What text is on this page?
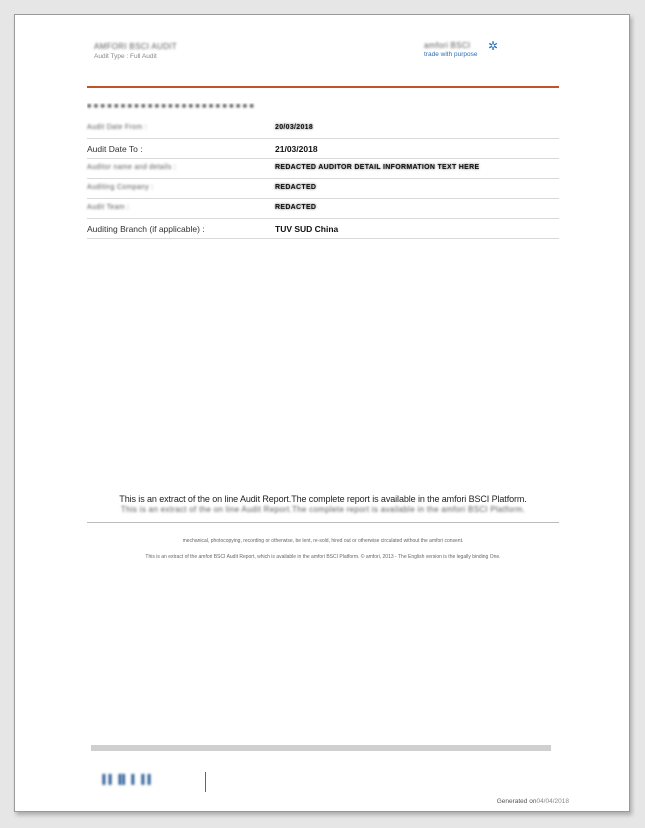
AMFORI BSCI AUDIT
Audit Type : Full Audit
amfori BSCI
trade with purpose
✲
■ ■ ■ ■ ■ ■ ■ ■ ■ ■ ■ ■ ■ ■ ■ ■ ■ ■ ■ ■ ■ ■ ■ ■ ■
Audit Date From :	20/03/2018
Audit Date To :	21/03/2018
Auditor name and details :	REDACTED AUDITOR DETAIL INFORMATION TEXT HERE
Auditing Company :	REDACTED
Audit Team :	REDACTED
Auditing Branch (if applicable) :	TUV SUD China
This is an extract of the on line Audit Report.The complete report is available in the amfori BSCI Platform.
This is an extract of the on line Audit Report.The complete report is available in the amfori BSCI Platform.
mechanical, photocopying, recording or otherwise, be lent, re-sold, hired out or otherwise circulated without the amfori consent.
This is an extract of the amfori BSCI Audit Report, which is available in the amfori BSCI Platform. © amfori, 2013 - The English version is the legally binding One.
▐ ▌▐▌ ▌▐ ▌
Generated on04/04/2018
